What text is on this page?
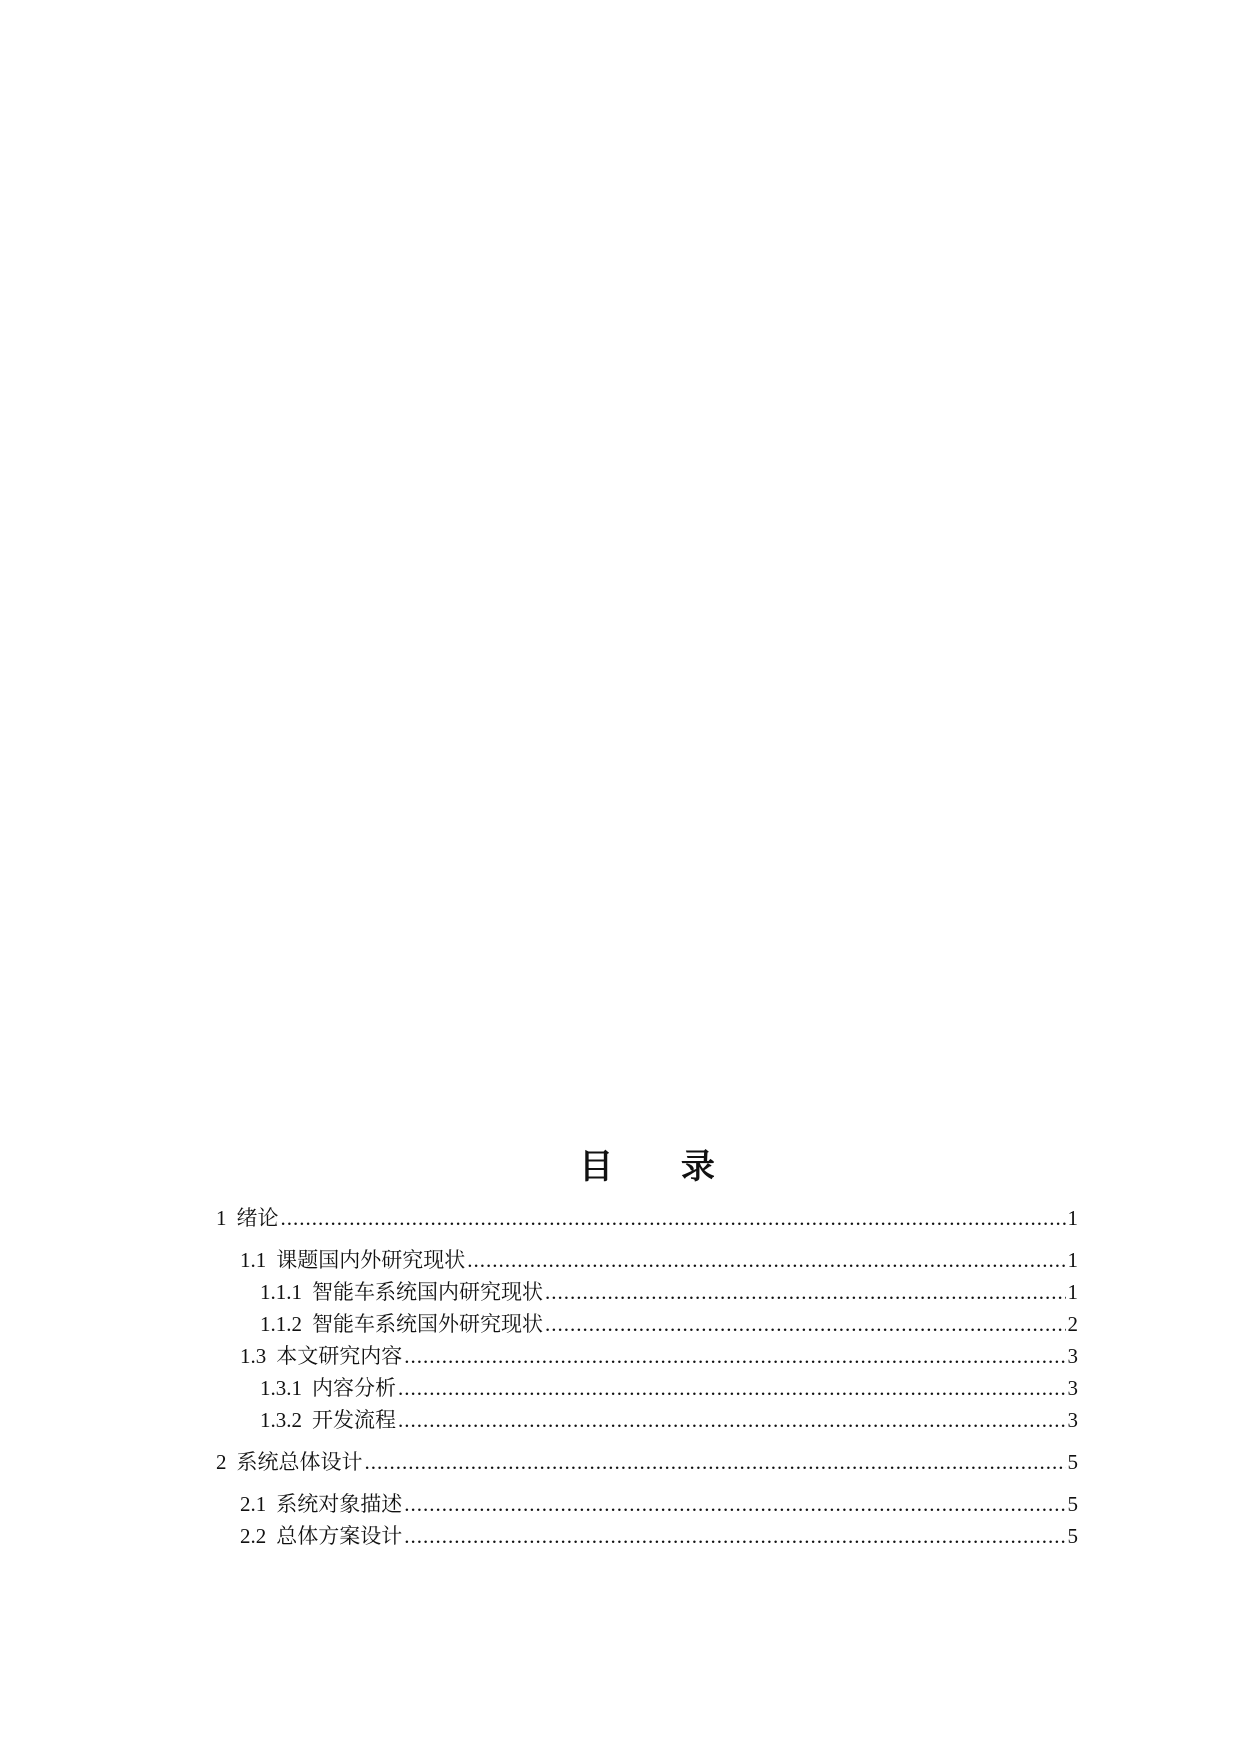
目 录
1 绪论 .....	1
1.1 课题国内外研究现状 .....	1
1.1.1 智能车系统国内研究现状 .....	1
1.1.2 智能车系统国外研究现状 .....	2
1.3 本文研究内容 .....	3
1.3.1 内容分析 .....	3
1.3.2 开发流程 .....	3
2 系统总体设计 .....	5
2.1 系统对象描述 .....	5
2.2 总体方案设计 .....	5
